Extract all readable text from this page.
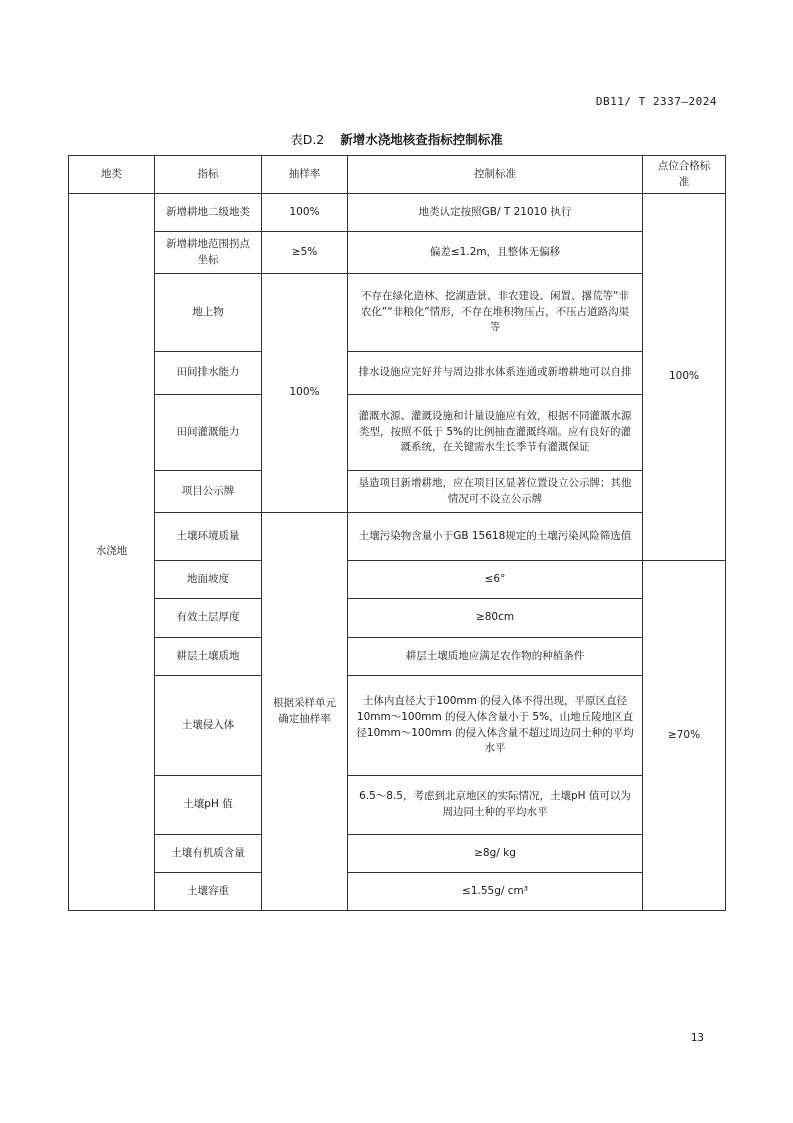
DB11/ T 2337—2024
表D.2 新增水浇地核查指标控制标准
地类	指标	抽样率	控制标准	点位合格标准
水浇地	新增耕地二级地类	100%	地类认定按照GB/ T 21010 执行	100%
	新增耕地范围拐点坐标	≥5%	偏差≤1.2m，且整体无偏移	
	地上物	100%	不存在绿化造林、挖湖造景、非农建设、闲置、撂荒等“非农化”“非粮化”情形，不存在堆积物压占，不压占道路沟渠等	
	田间排水能力		排水设施应完好并与周边排水体系连通或新增耕地可以自排	
	田间灌溉能力		灌溉水源、灌溉设施和计量设施应有效，根据不同灌溉水源类型，按照不低于 5%的比例抽查灌溉终端。应有良好的灌溉系统，在关键需水生长季节有灌溉保证	
	项目公示牌		垦造项目新增耕地，应在项目区显著位置设立公示牌；其他情况可不设立公示牌	
	土壤环境质量	根据采样单元确定抽样率	土壤污染物含量小于GB 15618规定的土壤污染风险筛选值	
	地面坡度		≤6°	≥70%
	有效土层厚度		≥80cm	
	耕层土壤质地		耕层土壤质地应满足农作物的种植条件	
	土壤侵入体		土体内直径大于100mm 的侵入体不得出现，平原区直径10mm～100mm 的侵入体含量小于 5%，山地丘陵地区直径10mm～100mm 的侵入体含量不超过周边同土种的平均水平	
	土壤pH 值		6.5～8.5，考虑到北京地区的实际情况，土壤pH 值可以为周边同土种的平均水平	
	土壤有机质含量		≥8g/ kg	
	土壤容重		≤1.55g/ cm³	
13
